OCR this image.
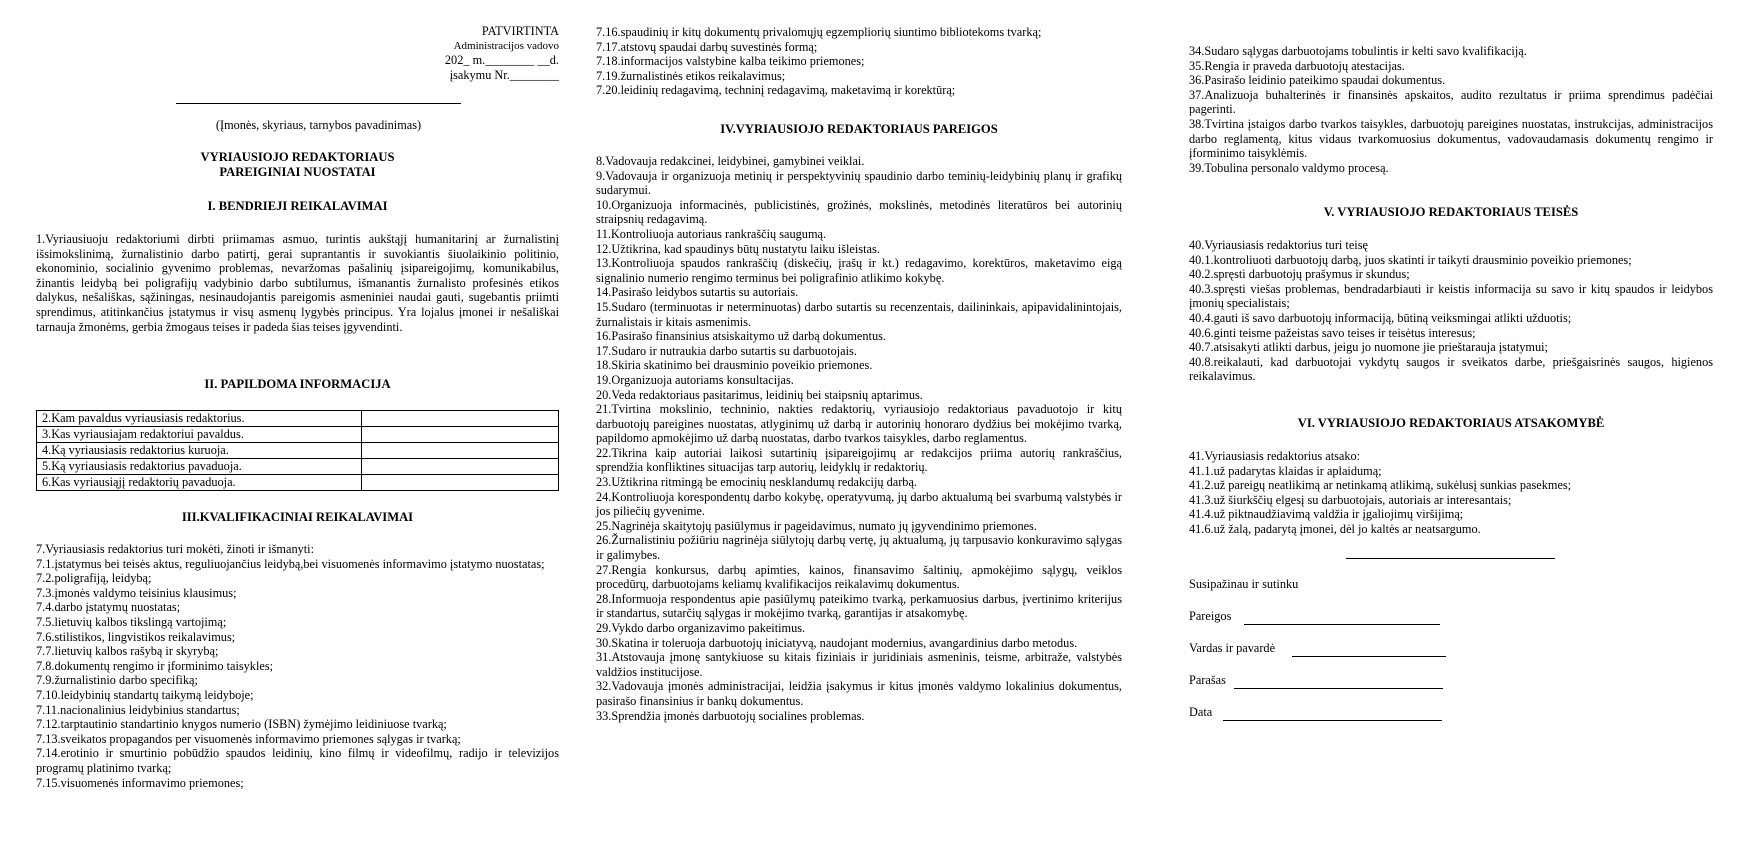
PATVIRTINTA
Administracijos vadovo
202_ m.________ __d.
įsakymu Nr.________
(Įmonės, skyriaus, tarnybos pavadinimas)

VYRIAUSIOJO REDAKTORIAUS

PAREIGINIAI NUOSTATAI

I. BENDRIEJI REIKALAVIMAI

1.Vyriausiuoju redaktoriumi dirbti priimamas asmuo, turintis aukštąjį humanitarinį ar žurnalistinį išsimokslinimą, žurnalistinio darbo patirtį, gerai suprantantis ir suvokiantis šiuolaikinio politinio, ekonominio, socialinio gyvenimo problemas, nevaržomas pašalinių įsipareigojimų, komunikabilus, žinantis leidybą bei poligrafijų vadybinio darbo subtilumus, išmanantis žurnalisto profesinės etikos dalykus, nešališkas, sąžiningas, nesinaudojantis pareigomis asmeniniei naudai gauti, sugebantis priimti sprendimus, atitinkančius įstatymus ir visų asmenų lygybės principus. Yra lojalus įmonei ir nešališkai tarnauja žmonėms, gerbia žmogaus teises ir padeda šias teises įgyvendinti.

II. PAPILDOMA INFORMACIJA

2.Kam pavaldus vyriausiasis redaktorius.	
3.Kas vyriausiajam redaktoriui pavaldus.	
4.Ką vyriausiasis redaktorius kuruoja.	
5.Ką vyriausiasis redaktorius pavaduoja.	
6.Kas vyriausiąjį redaktorių pavaduoja.	

III.KVALIFIKACINIAI REIKALAVIMAI

7.Vyriausiasis redaktorius turi mokėti, žinoti ir išmanyti:

7.1.įstatymus bei teisės aktus, reguliuojančius leidybą,bei visuomenės informavimo įstatymo nuostatas;

7.2.poligrafiją, leidybą;

7.3.įmonės valdymo teisinius klausimus;

7.4.darbo įstatymų nuostatas;

7.5.lietuvių kalbos tikslingą vartojimą;

7.6.stilistikos, lingvistikos reikalavimus;

7.7.lietuvių kalbos rašybą ir skyrybą;

7.8.dokumentų rengimo ir įforminimo taisykles;

7.9.žurnalistinio darbo specifiką;

7.10.leidybinių standartų taikymą leidyboje;

7.11.nacionalinius leidybinius standartus;

7.12.tarptautinio standartinio knygos numerio (ISBN) žymėjimo leidiniuose tvarką;

7.13.sveikatos propagandos per visuomenės informavimo priemones sąlygas ir tvarką;

7.14.erotinio ir smurtinio pobūdžio spaudos leidinių, kino filmų ir videofilmų, radijo ir televizijos programų platinimo tvarką;

7.15.visuomenės informavimo priemones;

7.16.spaudinių ir kitų dokumentų privalomųjų egzempliorių siuntimo bibliotekoms tvarką;

7.17.atstovų spaudai darbų suvestinės formą;

7.18.informacijos valstybine kalba teikimo priemones;

7.19.žurnalistinės etikos reikalavimus;

7.20.leidinių redagavimą, techninį redagavimą, maketavimą ir korektūrą;

IV.VYRIAUSIOJO REDAKTORIAUS PAREIGOS

8.Vadovauja redakcinei, leidybinei, gamybinei veiklai.

9.Vadovauja ir organizuoja metinių ir perspektyvinių spaudinio darbo teminių-leidybinių planų ir grafikų sudarymui.

10.Organizuoja informacinės, publicistinės, grožinės, mokslinės, metodinės literatūros bei autorinių straipsnių redagavimą.

11.Kontroliuoja autoriaus rankraščių saugumą.

12.Užtikrina, kad spaudinys būtų nustatytu laiku išleistas.

13.Kontroliuoja spaudos rankraščių (diskečių, įrašų ir kt.) redagavimo, korektūros, maketavimo eigą signalinio numerio rengimo terminus bei poligrafinio atlikimo kokybę.

14.Pasirašo leidybos sutartis su autoriais.

15.Sudaro (terminuotas ir neterminuotas) darbo sutartis su recenzentais, dailininkais, apipavidalinintojais, žurnalistais ir kitais asmenimis.

16.Pasirašo finansinius atsiskaitymo už darbą dokumentus.

17.Sudaro ir nutraukia darbo sutartis su darbuotojais.

18.Skiria skatinimo bei drausminio poveikio priemones.

19.Organizuoja autoriams konsultacijas.

20.Veda redaktoriaus pasitarimus, leidinių bei staipsnių aptarimus.

21.Tvirtina mokslinio, techninio, nakties redaktorių, vyriausiojo redaktoriaus pavaduotojo ir kitų darbuotojų pareigines nuostatas, atlyginimų už darbą ir autorinių honoraro dydžius bei mokėjimo tvarką, papildomo apmokėjimo už darbą nuostatas, darbo tvarkos taisykles, darbo reglamentus.

22.Tikrina kaip autoriai laikosi sutartinių įsipareigojimų ar redakcijos priima autorių rankraščius, sprendžia konfliktines situacijas tarp autorių, leidyklų ir redaktorių.

23.Užtikrina ritmingą be emocinių nesklandumų redakcijų darbą.

24.Kontroliuoja korespondentų darbo kokybę, operatyvumą, jų darbo aktualumą bei svarbumą valstybės ir jos piliečių gyvenime.

25.Nagrinėja skaitytojų pasiūlymus ir pageidavimus, numato jų įgyvendinimo priemones.

26.Žurnalistiniu požiūriu nagrinėja siūlytojų darbų vertę, jų aktualumą, jų tarpusavio konkuravimo sąlygas ir galimybes.

27.Rengia konkursus, darbų apimties, kainos, finansavimo šaltinių, apmokėjimo sąlygų, veiklos procedūrų, darbuotojams keliamų kvalifikacijos reikalavimų dokumentus.

28.Informuoja respondentus apie pasiūlymų pateikimo tvarką, perkamuosius darbus, įvertinimo kriterijus ir standartus, sutarčių sąlygas ir mokėjimo tvarką, garantijas ir atsakomybę.

29.Vykdo darbo organizavimo pakeitimus.

30.Skatina ir toleruoja darbuotojų iniciatyvą, naudojant modernius, avangardinius darbo metodus.

31.Atstovauja įmonę santykiuose su kitais fiziniais ir juridiniais asmeninis, teisme, arbitraže, valstybės valdžios institucijose.

32.Vadovauja įmonės administracijai, leidžia įsakymus ir kitus įmonės valdymo lokalinius dokumentus, pasirašo finansinius ir bankų dokumentus.

33.Sprendžia įmonės darbuotojų socialines problemas.

34.Sudaro sąlygas darbuotojams tobulintis ir kelti savo kvalifikaciją.

35.Rengia ir praveda darbuotojų atestacijas.

36.Pasirašo leidinio pateikimo spaudai dokumentus.

37.Analizuoja buhalterinės ir finansinės apskaitos, audito rezultatus ir priima sprendimus padėčiai pagerinti.

38.Tvirtina įstaigos darbo tvarkos taisykles, darbuotojų pareigines nuostatas, instrukcijas, administracijos darbo reglamentą, kitus vidaus tvarkomuosius dokumentus, vadovaudamasis dokumentų rengimo ir įforminimo taisyklėmis.

39.Tobulina personalo valdymo procesą.

V. VYRIAUSIOJO REDAKTORIAUS TEISĖS

40.Vyriausiasis redaktorius turi teisę

40.1.kontroliuoti darbuotojų darbą, juos skatinti ir taikyti drausminio poveikio priemones;

40.2.spręsti darbuotojų prašymus ir skundus;

40.3.spręsti viešas problemas, bendradarbiauti ir keistis informacija su savo ir kitų spaudos ir leidybos įmonių specialistais;

40.4.gauti iš savo darbuotojų informaciją, būtiną veiksmingai atlikti užduotis;

40.6.ginti teisme pažeistas savo teises ir teisėtus interesus;

40.7.atsisakyti atlikti darbus, jeigu jo nuomone jie prieštarauja įstatymui;

40.8.reikalauti, kad darbuotojai vykdytų saugos ir sveikatos darbe, priešgaisrinės saugos, higienos reikalavimus.

VI. VYRIAUSIOJO REDAKTORIAUS ATSAKOMYBĖ

41.Vyriausiasis redaktorius atsako:

41.1.už padarytas klaidas ir aplaidumą;

41.2.už pareigų neatlikimą ar netinkamą atlikimą, sukėlusį sunkias pasekmes;

41.3.už šiurkščių elgesį su darbuotojais, autoriais ar interesantais;

41.4.už piktnaudžiavimą valdžia ir įgaliojimų viršijimą;

41.6.už žalą, padarytą įmonei, dėl jo kaltės ar neatsargumo.

Susipažinau ir sutinku
Pareigos
Vardas ir pavardė
Parašas
Data
